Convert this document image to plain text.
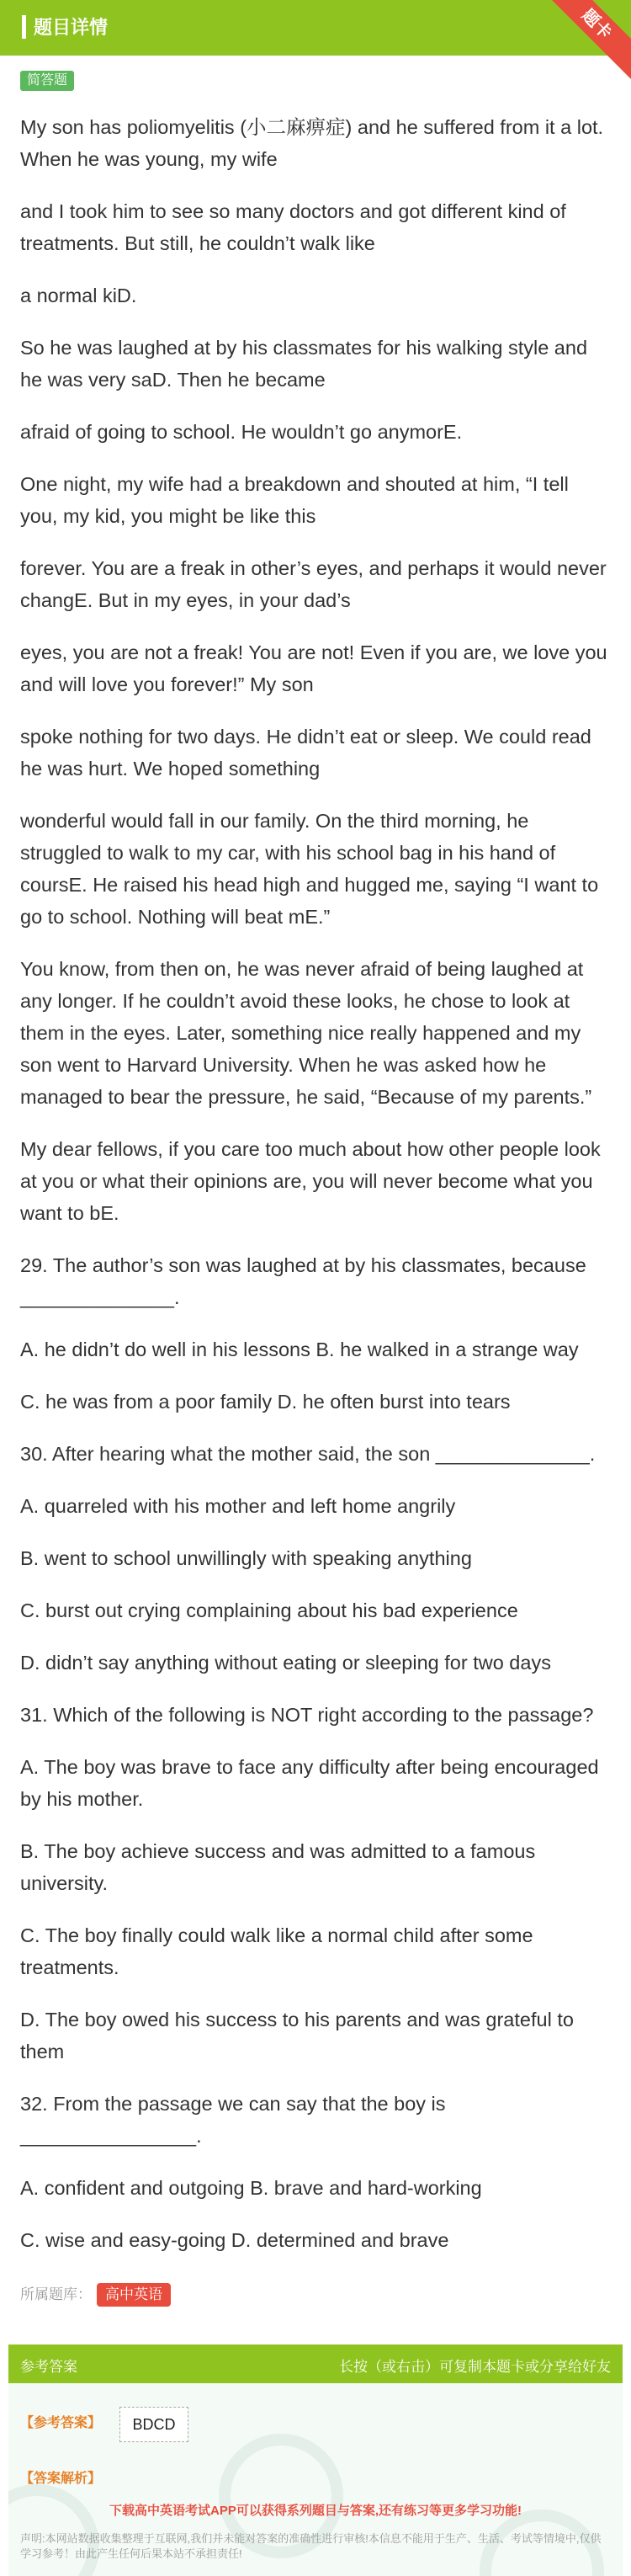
题目详情	题卡
简答题

My son has poliomyelitis (小二麻痹症) and he suffered from it a lot. When he was young, my wife

and I took him to see so many doctors and got different kind of treatments. But still, he couldn’t walk like

a normal kiD.

So he was laughed at by his classmates for his walking style and he was very saD. Then he became

afraid of going to school. He wouldn’t go anymorE.

One night, my wife had a breakdown and shouted at him, “I tell you, my kid, you might be like this

forever. You are a freak in other’s eyes, and perhaps it would never changE. But in my eyes, in your dad’s

eyes, you are not a freak! You are not! Even if you are, we love you and will love you forever!” My son

spoke nothing for two days. He didn’t eat or sleep. We could read he was hurt. We hoped something

wonderful would fall in our family. On the third morning, he struggled to walk to my car, with his school bag in his hand of coursE. He raised his head high and hugged me, saying “I want to go to school. Nothing will beat mE.”

You know, from then on, he was never afraid of being laughed at any longer. If he couldn’t avoid these looks, he chose to look at them in the eyes. Later, something nice really happened and my son went to Harvard University. When he was asked how he managed to bear the pressure, he said, “Because of my parents.”

My dear fellows, if you care too much about how other people look at you or what their opinions are, you will never become what you want to bE.

29. The author’s son was laughed at by his classmates, because ______________.

A. he didn’t do well in his lessons B. he walked in a strange way

C. he was from a poor family D. he often burst into tears

30. After hearing what the mother said, the son ______________.

A. quarreled with his mother and left home angrily

B. went to school unwillingly with speaking anything

C. burst out crying complaining about his bad experience

D. didn’t say anything without eating or sleeping for two days

31. Which of the following is NOT right according to the passage?

A. The boy was brave to face any difficulty after being encouraged by his mother.

B. The boy achieve success and was admitted to a famous university.

C. The boy finally could walk like a normal child after some treatments.

D. The boy owed his success to his parents and was grateful to them

32. From the passage we can say that the boy is ________________.

A. confident and outgoing B. brave and hard-working

C. wise and easy-going D. determined and brave

所属题库： 高中英语
参考答案	长按（或右击）可复制本题卡或分享给好友
【参考答案】	BDCD
【答案解析】
下载高中英语考试APP可以获得系列题目与答案,还有练习等更多学习功能!
声明:本网站数据收集整理于互联网,我们并未能对答案的准确性进行审核!本信息不能用于生产、生活、考试等情境中,仅供学习参考！由此产生任何后果本站不承担责任!
